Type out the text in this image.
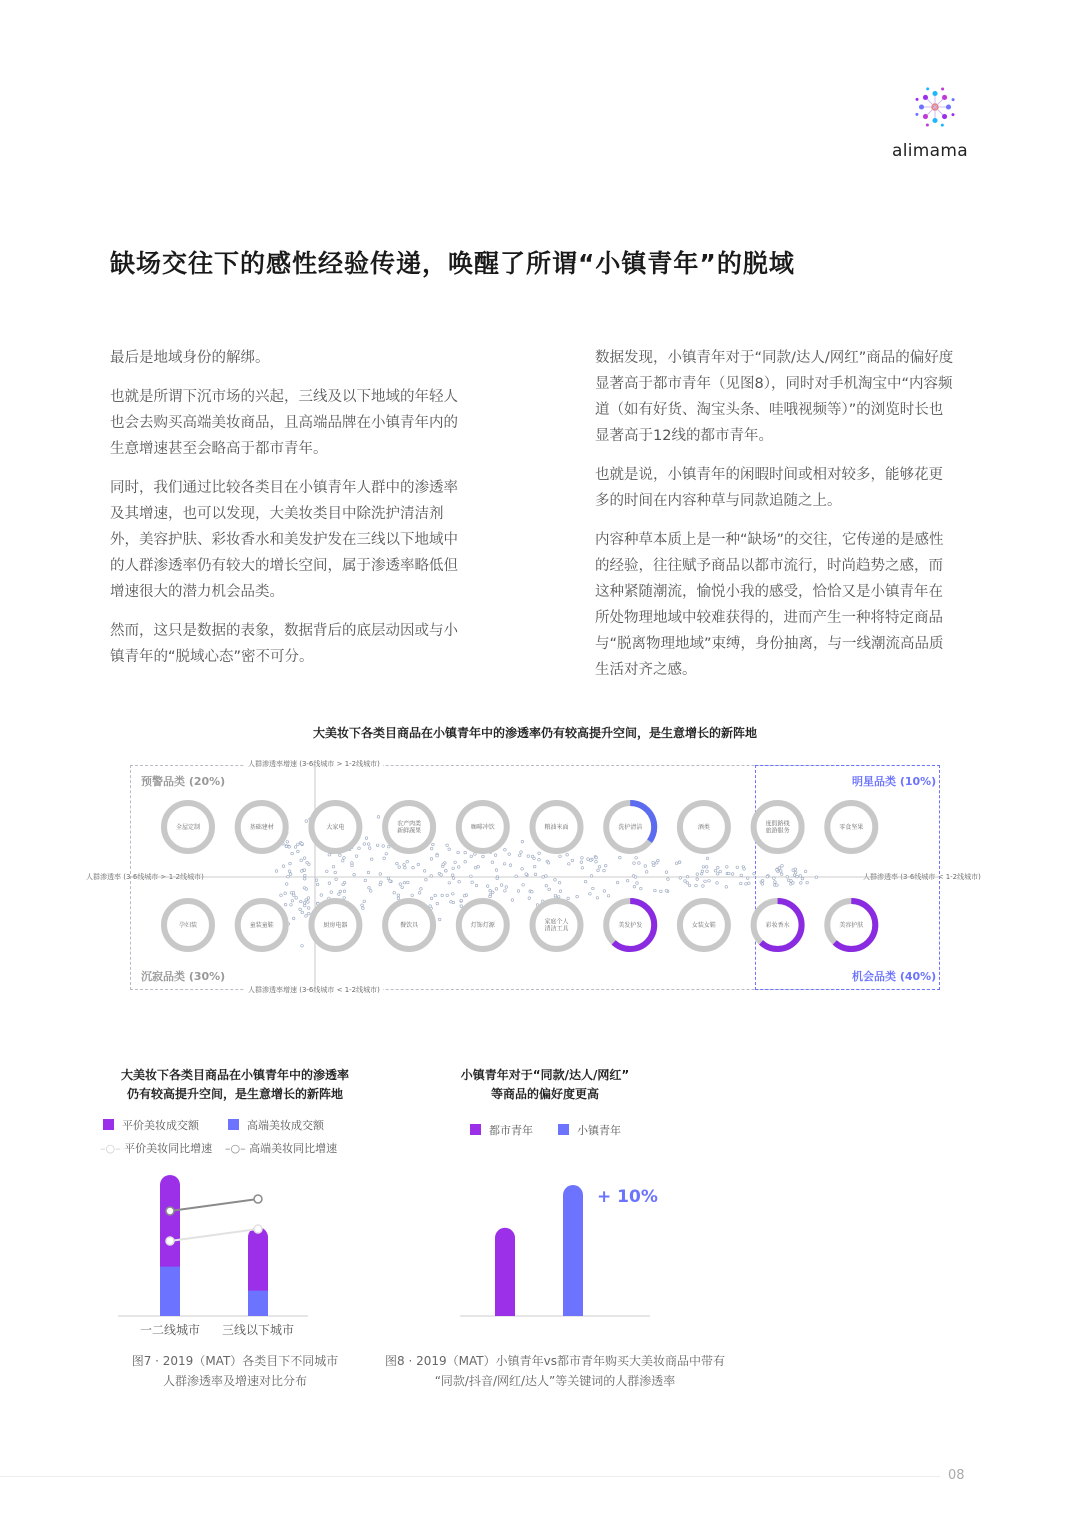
alimama
缺场交往下的感性经验传递，唤醒了所谓“小镇青年”的脱域

最后是地域身份的解绑。

也就是所谓下沉市场的兴起，三线及以下地域的年轻人也会去购买高端美妆商品，且高端品牌在小镇青年内的生意增速甚至会略高于都市青年。

同时，我们通过比较各类目在小镇青年人群中的渗透率及其增速，也可以发现，大美妆类目中除洗护清洁剂外，美容护肤、彩妆香水和美发护发在三线以下地域中的人群渗透率仍有较大的增长空间，属于渗透率略低但增速很大的潜力机会品类。

然而，这只是数据的表象，数据背后的底层动因或与小镇青年的“脱域心态”密不可分。

数据发现，小镇青年对于“同款/达人/网红”商品的偏好度显著高于都市青年（见图8），同时对手机淘宝中“内容频道（如有好货、淘宝头条、哇哦视频等）”的浏览时长也显著高于12线的都市青年。

也就是说，小镇青年的闲暇时间或相对较多，能够花更多的时间在内容种草与同款追随之上。

内容种草本质上是一种“缺场”的交往，它传递的是感性的经验，往往赋予商品以都市流行，时尚趋势之感，而这种紧随潮流，愉悦小我的感受，恰恰又是小镇青年在所处物理地域中较难获得的，进而产生一种将特定商品与“脱离物理地域”束缚，身份抽离，与一线潮流高品质生活对齐之感。

大美妆下各类目商品在小镇青年中的渗透率仍有较高提升空间，是生意增长的新阵地
人群渗透率增速 (3-6线城市 > 1-2线城市)
人群渗透率增速 (3-6线城市 < 1-2线城市)
人群渗透率 (3-6线城市 > 1-2线城市)	人群渗透率 (3-6线城市 < 1-2线城市)
预警品类 (20%)	明星品类 (10%)
沉寂品类 (30%)	机会品类 (40%)
全屋定制	基础建材	大家电	农产肉类
新鲜蔬果	咖啡冲饮	粮油米面	洗护清洁	酒类	度假路线
旅游服务	零食坚果
孕妇装	童装童鞋	厨房电器	餐饮具	灯饰灯源	家庭个人
清洁工具	美发护发	女装女鞋	彩妆香水	美容护肤
大美妆下各类目商品在小镇青年中的渗透率
仍有较高提升空间，是生意增长的新阵地
平价美妆成交额	高端美妆成交额
–○– 平价美妆同比增速 –○– 高端美妆同比增速
一二线城市 三线以下城市
图7 · 2019（MAT）各类目下不同城市
人群渗透率及增速对比分布
小镇青年对于“同款/达人/网红”
等商品的偏好度更高
都市青年	小镇青年
+ 10%
图8 · 2019（MAT）小镇青年vs都市青年购买大美妆商品中带有
“同款/抖音/网红/达人”等关键词的人群渗透率
08
